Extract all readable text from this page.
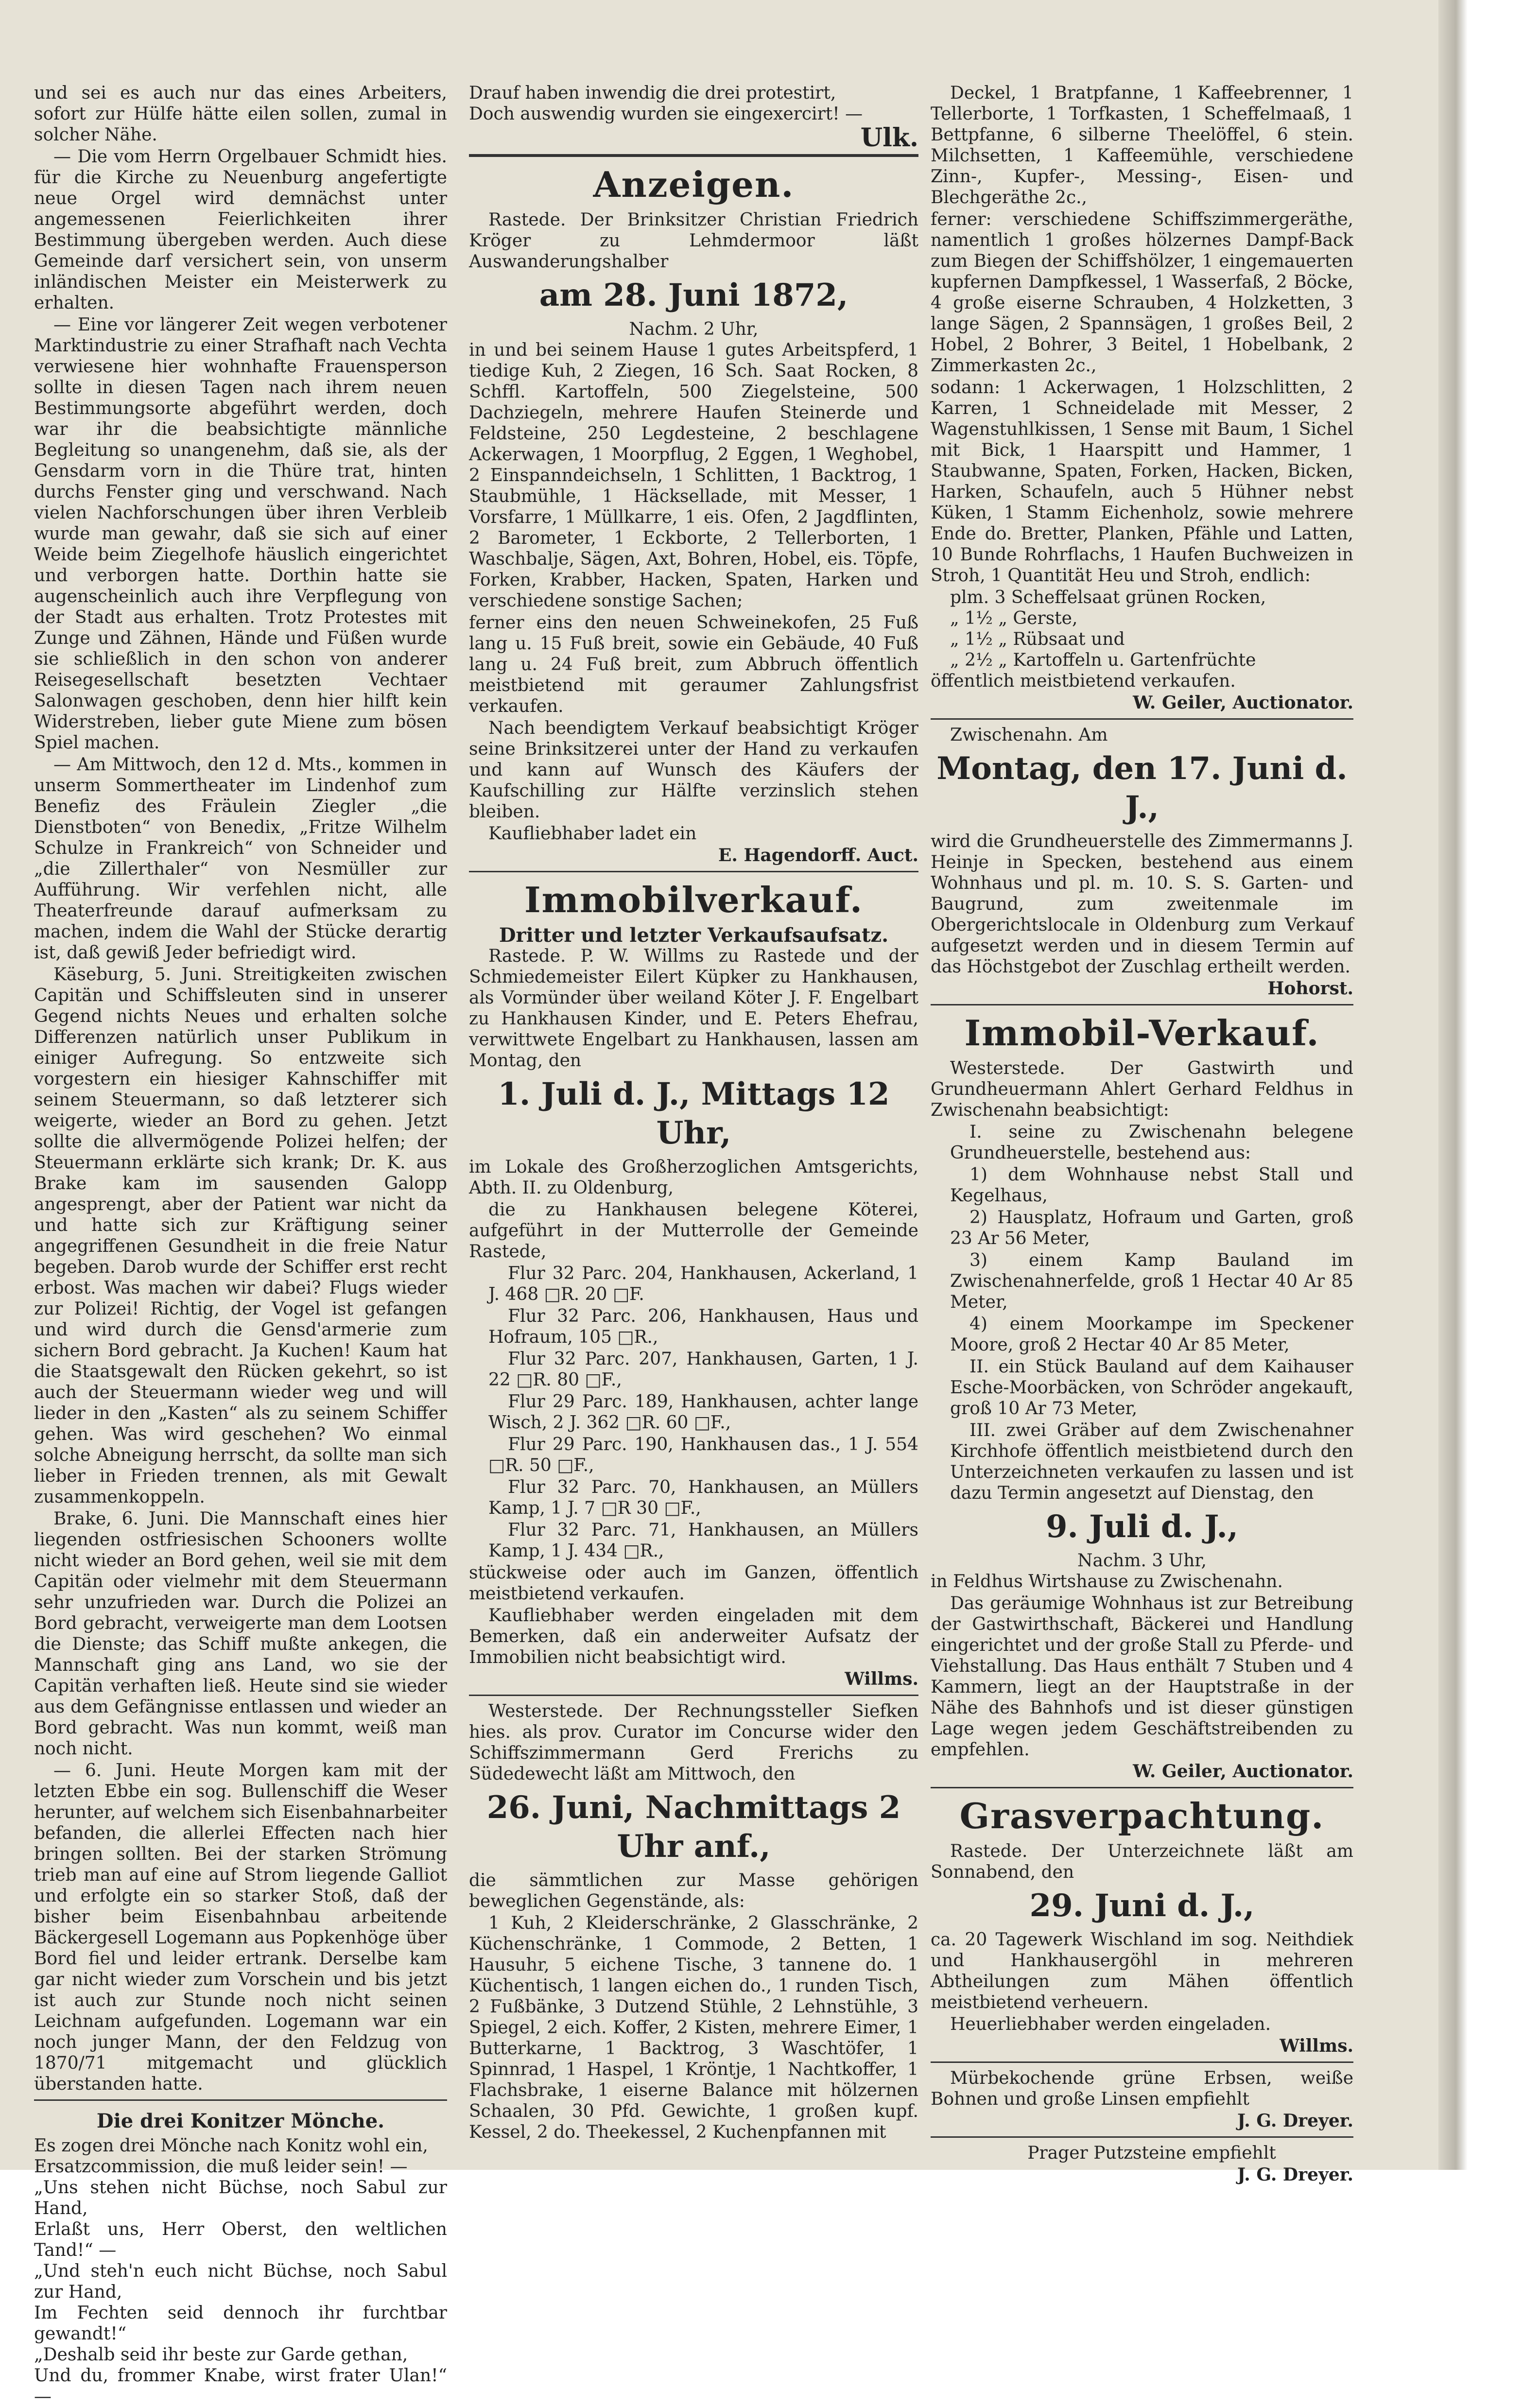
und sei es auch nur das eines Arbeiters, sofort zur Hülfe hätte eilen sollen, zumal in solcher Nähe.

— Die vom Herrn Orgelbauer Schmidt hies. für die Kirche zu Neuenburg angefertigte neue Orgel wird demnächst unter angemessenen Feierlichkeiten ihrer Bestimmung übergeben werden. Auch diese Gemeinde darf versichert sein, von unserm inländischen Meister ein Meisterwerk zu erhalten.

— Eine vor längerer Zeit wegen verbotener Marktindustrie zu einer Strafhaft nach Vechta verwiesene hier wohnhafte Frauensperson sollte in diesen Tagen nach ihrem neuen Bestimmungsorte abgeführt werden, doch war ihr die beabsichtigte männliche Begleitung so unangenehm, daß sie, als der Gensdarm vorn in die Thüre trat, hinten durchs Fenster ging und verschwand. Nach vielen Nachforschungen über ihren Verbleib wurde man gewahr, daß sie sich auf einer Weide beim Ziegelhofe häuslich eingerichtet und verborgen hatte. Dorthin hatte sie augenscheinlich auch ihre Verpflegung von der Stadt aus erhalten. Trotz Protestes mit Zunge und Zähnen, Hände und Füßen wurde sie schließlich in den schon von anderer Reisegesellschaft besetzten Vechtaer Salonwagen geschoben, denn hier hilft kein Widerstreben, lieber gute Miene zum bösen Spiel machen.

— Am Mittwoch, den 12 d. Mts., kommen in unserm Sommertheater im Lindenhof zum Benefiz des Fräulein Ziegler „die Dienstboten“ von Benedix, „Fritze Wilhelm Schulze in Frankreich“ von Schneider und „die Zillerthaler“ von Nesmüller zur Aufführung. Wir verfehlen nicht, alle Theaterfreunde darauf aufmerksam zu machen, indem die Wahl der Stücke derartig ist, daß gewiß Jeder befriedigt wird.

Käseburg, 5. Juni. Streitigkeiten zwischen Capitän und Schiffsleuten sind in unserer Gegend nichts Neues und erhalten solche Differenzen natürlich unser Publikum in einiger Aufregung. So entzweite sich vorgestern ein hiesiger Kahnschiffer mit seinem Steuermann, so daß letzterer sich weigerte, wieder an Bord zu gehen. Jetzt sollte die allvermögende Polizei helfen; der Steuermann erklärte sich krank; Dr. K. aus Brake kam im sausenden Galopp angesprengt, aber der Patient war nicht da und hatte sich zur Kräftigung seiner angegriffenen Gesundheit in die freie Natur begeben. Darob wurde der Schiffer erst recht erbost. Was machen wir dabei? Flugs wieder zur Polizei! Richtig, der Vogel ist gefangen und wird durch die Gensd'armerie zum sichern Bord gebracht. Ja Kuchen! Kaum hat die Staatsgewalt den Rücken gekehrt, so ist auch der Steuermann wieder weg und will lieder in den „Kasten“ als zu seinem Schiffer gehen. Was wird geschehen? Wo einmal solche Abneigung herrscht, da sollte man sich lieber in Frieden trennen, als mit Gewalt zusammenkoppeln.

Brake, 6. Juni. Die Mannschaft eines hier liegenden ostfriesischen Schooners wollte nicht wieder an Bord gehen, weil sie mit dem Capitän oder vielmehr mit dem Steuermann sehr unzufrieden war. Durch die Polizei an Bord gebracht, verweigerte man dem Lootsen die Dienste; das Schiff mußte ankegen, die Mannschaft ging ans Land, wo sie der Capitän verhaften ließ. Heute sind sie wieder aus dem Gefängnisse entlassen und wieder an Bord gebracht. Was nun kommt, weiß man noch nicht.

— 6. Juni. Heute Morgen kam mit der letzten Ebbe ein sog. Bullenschiff die Weser herunter, auf welchem sich Eisenbahnarbeiter befanden, die allerlei Effecten nach hier bringen sollten. Bei der starken Strömung trieb man auf eine auf Strom liegende Galliot und erfolgte ein so starker Stoß, daß der bisher beim Eisenbahnbau arbeitende Bäckergesell Logemann aus Popkenhöge über Bord fiel und leider ertrank. Derselbe kam gar nicht wieder zum Vorschein und bis jetzt ist auch zur Stunde noch nicht seinen Leichnam aufgefunden. Logemann war ein noch junger Mann, der den Feldzug von 1870/71 mitgemacht und glücklich überstanden hatte.

Die drei Konitzer Mönche.
Es zogen drei Mönche nach Konitz wohl ein,
Ersatzcommission, die muß leider sein! —
„Uns stehen nicht Büchse, noch Sabul zur Hand,
Erlaßt uns, Herr Oberst, den weltlichen Tand!“ —
„Und steh'n euch nicht Büchse, noch Sabul zur Hand,
Im Fechten seid dennoch ihr furchtbar gewandt!“
„Deshalb seid ihr beste zur Garde gethan,
Und du, frommer Knabe, wirst frater Ulan!“ —
Drauf haben inwendig die drei protestirt,
Doch auswendig wurden sie eingexercirt! —
Ulk.
Anzeigen.

Rastede. Der Brinksitzer Christian Friedrich Kröger zu Lehmdermoor läßt Auswanderungshalber

am 28. Juni 1872,
Nachm. 2 Uhr,

in und bei seinem Hause 1 gutes Arbeitspferd, 1 tiedige Kuh, 2 Ziegen, 16 Sch. Saat Rocken, 8 Schffl. Kartoffeln, 500 Ziegelsteine, 500 Dachziegeln, mehrere Haufen Steinerde und Feldsteine, 250 Legdesteine, 2 beschlagene Ackerwagen, 1 Moorpflug, 2 Eggen, 1 Weghobel, 2 Einspanndeichseln, 1 Schlitten, 1 Backtrog, 1 Staubmühle, 1 Häcksellade, mit Messer, 1 Vorsfarre, 1 Müllkarre, 1 eis. Ofen, 2 Jagdflinten, 2 Barometer, 1 Eckborte, 2 Tellerborten, 1 Waschbalje, Sägen, Axt, Bohren, Hobel, eis. Töpfe, Forken, Krabber, Hacken, Spaten, Harken und verschiedene sonstige Sachen;

ferner eins den neuen Schweinekofen, 25 Fuß lang u. 15 Fuß breit, sowie ein Gebäude, 40 Fuß lang u. 24 Fuß breit, zum Abbruch öffentlich meistbietend mit geraumer Zahlungsfrist verkaufen.

Nach beendigtem Verkauf beabsichtigt Kröger seine Brinksitzerei unter der Hand zu verkaufen und kann auf Wunsch des Käufers der Kaufschilling zur Hälfte verzinslich stehen bleiben.

Kaufliebhaber ladet ein

E. Hagendorff. Auct.
Immobilverkauf.
Dritter und letzter Verkaufsaufsatz.

Rastede. P. W. Willms zu Rastede und der Schmiedemeister Eilert Küpker zu Hankhausen, als Vormünder über weiland Köter J. F. Engelbart zu Hankhausen Kinder, und E. Peters Ehefrau, verwittwete Engelbart zu Hankhausen, lassen am Montag, den

1. Juli d. J., Mittags 12 Uhr,

im Lokale des Großherzoglichen Amtsgerichts, Abth. II. zu Oldenburg,

die zu Hankhausen belegene Köterei, aufgeführt in der Mutterrolle der Gemeinde Rastede,

Flur 32 Parc. 204, Hankhausen, Ackerland, 1 J. 468 □R. 20 □F.

Flur 32 Parc. 206, Hankhausen, Haus und Hofraum, 105 □R.,

Flur 32 Parc. 207, Hankhausen, Garten, 1 J. 22 □R. 80 □F.,

Flur 29 Parc. 189, Hankhausen, achter lange Wisch, 2 J. 362 □R. 60 □F.,

Flur 29 Parc. 190, Hankhausen das., 1 J. 554 □R. 50 □F.,

Flur 32 Parc. 70, Hankhausen, an Müllers Kamp, 1 J. 7 □R 30 □F.,

Flur 32 Parc. 71, Hankhausen, an Müllers Kamp, 1 J. 434 □R.,

stückweise oder auch im Ganzen, öffentlich meistbietend verkaufen.

Kaufliebhaber werden eingeladen mit dem Bemerken, daß ein anderweiter Aufsatz der Immobilien nicht beabsichtigt wird.

Willms.

Westerstede. Der Rechnungssteller Siefken hies. als prov. Curator im Concurse wider den Schiffszimmermann Gerd Frerichs zu Südedewecht läßt am Mittwoch, den

26. Juni, Nachmittags 2 Uhr anf.,

die sämmtlichen zur Masse gehörigen beweglichen Gegenstände, als:

1 Kuh, 2 Kleiderschränke, 2 Glasschränke, 2 Küchenschränke, 1 Commode, 2 Betten, 1 Hausuhr, 5 eichene Tische, 3 tannene do. 1 Küchentisch, 1 langen eichen do., 1 runden Tisch, 2 Fußbänke, 3 Dutzend Stühle, 2 Lehnstühle, 3 Spiegel, 2 eich. Koffer, 2 Kisten, mehrere Eimer, 1 Butterkarne, 1 Backtrog, 3 Waschtöfer, 1 Spinnrad, 1 Haspel, 1 Kröntje, 1 Nachtkoffer, 1 Flachsbrake, 1 eiserne Balance mit hölzernen Schaalen, 30 Pfd. Gewichte, 1 großen kupf. Kessel, 2 do. Theekessel, 2 Kuchenpfannen mit

Deckel, 1 Bratpfanne, 1 Kaffeebrenner, 1 Tellerborte, 1 Torfkasten, 1 Scheffelmaaß, 1 Bettpfanne, 6 silberne Theelöffel, 6 stein. Milchsetten, 1 Kaffeemühle, verschiedene Zinn-, Kupfer-, Messing-, Eisen- und Blechgeräthe 2c.,

ferner: verschiedene Schiffszimmergeräthe, namentlich 1 großes hölzernes Dampf-Back zum Biegen der Schiffshölzer, 1 eingemauerten kupfernen Dampfkessel, 1 Wasserfaß, 2 Böcke, 4 große eiserne Schrauben, 4 Holzketten, 3 lange Sägen, 2 Spannsägen, 1 großes Beil, 2 Hobel, 2 Bohrer, 3 Beitel, 1 Hobelbank, 2 Zimmerkasten 2c.,

sodann: 1 Ackerwagen, 1 Holzschlitten, 2 Karren, 1 Schneidelade mit Messer, 2 Wagenstuhlkissen, 1 Sense mit Baum, 1 Sichel mit Bick, 1 Haarspitt und Hammer, 1 Staubwanne, Spaten, Forken, Hacken, Bicken, Harken, Schaufeln, auch 5 Hühner nebst Küken, 1 Stamm Eichenholz, sowie mehrere Ende do. Bretter, Planken, Pfähle und Latten, 10 Bunde Rohrflachs, 1 Haufen Buchweizen in Stroh, 1 Quantität Heu und Stroh, endlich:

plm. 3 Scheffelsaat grünen Rocken,
„ 1½ „ Gerste,
„ 1½ „ Rübsaat und
„ 2½ „ Kartoffeln u. Gartenfrüchte

öffentlich meistbietend verkaufen.

W. Geiler, Auctionator.

Zwischenahn. Am

Montag, den 17. Juni d. J.,

wird die Grundheuerstelle des Zimmermanns J. Heinje in Specken, bestehend aus einem Wohnhaus und pl. m. 10. S. S. Garten- und Baugrund, zum zweitenmale im Obergerichtslocale in Oldenburg zum Verkauf aufgesetzt werden und in diesem Termin auf das Höchstgebot der Zuschlag ertheilt werden.

Hohorst.
Immobil-Verkauf.

Westerstede. Der Gastwirth und Grundheuermann Ahlert Gerhard Feldhus in Zwischenahn beabsichtigt:

I. seine zu Zwischenahn belegene Grundheuerstelle, bestehend aus:

1) dem Wohnhause nebst Stall und Kegelhaus,

2) Hausplatz, Hofraum und Garten, groß 23 Ar 56 Meter,

3) einem Kamp Bauland im Zwischenahnerfelde, groß 1 Hectar 40 Ar 85 Meter,

4) einem Moorkampe im Speckener Moore, groß 2 Hectar 40 Ar 85 Meter,

II. ein Stück Bauland auf dem Kaihauser Esche-Moorbäcken, von Schröder angekauft, groß 10 Ar 73 Meter,

III. zwei Gräber auf dem Zwischenahner Kirchhofe öffentlich meistbietend durch den Unterzeichneten verkaufen zu lassen und ist dazu Termin angesetzt auf Dienstag, den

9. Juli d. J.,
Nachm. 3 Uhr,

in Feldhus Wirtshause zu Zwischenahn.

Das geräumige Wohnhaus ist zur Betreibung der Gastwirthschaft, Bäckerei und Handlung eingerichtet und der große Stall zu Pferde- und Viehstallung. Das Haus enthält 7 Stuben und 4 Kammern, liegt an der Hauptstraße in der Nähe des Bahnhofs und ist dieser günstigen Lage wegen jedem Geschäftstreibenden zu empfehlen.

W. Geiler, Auctionator.
Grasverpachtung.

Rastede. Der Unterzeichnete läßt am Sonnabend, den

29. Juni d. J.,

ca. 20 Tagewerk Wischland im sog. Neithdiek und Hankhausergöhl in mehreren Abtheilungen zum Mähen öffentlich meistbietend verheuern.

Heuerliebhaber werden eingeladen.

Willms.

Mürbekochende grüne Erbsen, weiße Bohnen und große Linsen empfiehlt

J. G. Dreyer.

Prager Putzsteine empfiehlt

J. G. Dreyer.
